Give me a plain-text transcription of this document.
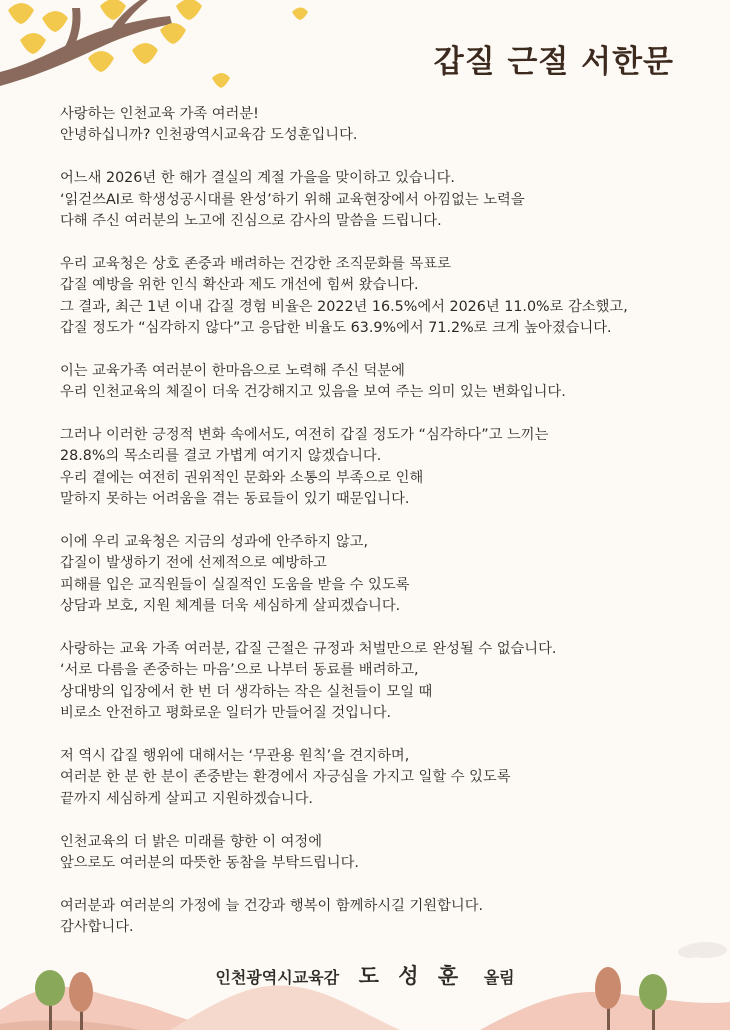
갑질 근절 서한문

사랑하는 인천교육 가족 여러분!
안녕하십니까? 인천광역시교육감 도성훈입니다.

어느새 2026년 한 해가 결실의 계절 가을을 맞이하고 있습니다.
‘읽걷쓰AI로 학생성공시대를 완성’하기 위해 교육현장에서 아낌없는 노력을
다해 주신 여러분의 노고에 진심으로 감사의 말씀을 드립니다.

우리 교육청은 상호 존중과 배려하는 건강한 조직문화를 목표로
갑질 예방을 위한 인식 확산과 제도 개선에 힘써 왔습니다.
그 결과, 최근 1년 이내 갑질 경험 비율은 2022년 16.5%에서 2026년 11.0%로 감소했고,
갑질 정도가 “심각하지 않다”고 응답한 비율도 63.9%에서 71.2%로 크게 높아졌습니다.

이는 교육가족 여러분이 한마음으로 노력해 주신 덕분에
우리 인천교육의 체질이 더욱 건강해지고 있음을 보여 주는 의미 있는 변화입니다.

그러나 이러한 긍정적 변화 속에서도, 여전히 갑질 정도가 “심각하다”고 느끼는
28.8%의 목소리를 결코 가볍게 여기지 않겠습니다.
우리 곁에는 여전히 권위적인 문화와 소통의 부족으로 인해
말하지 못하는 어려움을 겪는 동료들이 있기 때문입니다.

이에 우리 교육청은 지금의 성과에 안주하지 않고,
갑질이 발생하기 전에 선제적으로 예방하고
피해를 입은 교직원들이 실질적인 도움을 받을 수 있도록
상담과 보호, 지원 체계를 더욱 세심하게 살피겠습니다.

사랑하는 교육 가족 여러분, 갑질 근절은 규정과 처벌만으로 완성될 수 없습니다.
‘서로 다름을 존중하는 마음’으로 나부터 동료를 배려하고,
상대방의 입장에서 한 번 더 생각하는 작은 실천들이 모일 때
비로소 안전하고 평화로운 일터가 만들어질 것입니다.

저 역시 갑질 행위에 대해서는 ‘무관용 원칙’을 견지하며,
여러분 한 분 한 분이 존중받는 환경에서 자긍심을 가지고 일할 수 있도록
끝까지 세심하게 살피고 지원하겠습니다.

인천교육의 더 밝은 미래를 향한 이 여정에
앞으로도 여러분의 따뜻한 동참을 부탁드립니다.

여러분과 여러분의 가정에 늘 건강과 행복이 함께하시길 기원합니다.
감사합니다.

인천광역시교육감 도 성 훈 올림
